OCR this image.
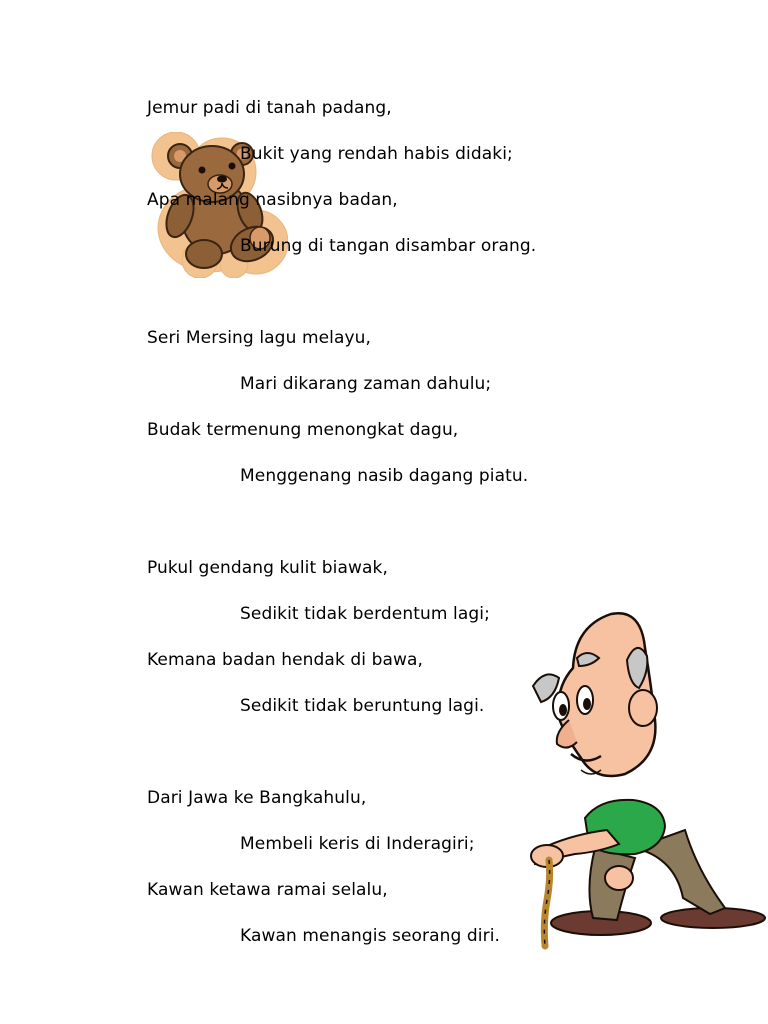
Jemur padi di tanah padang,
Bukit yang rendah habis didaki;
Apa malang nasibnya badan,
Burung di tangan disambar orang.
Seri Mersing lagu melayu,
Mari dikarang zaman dahulu;
Budak termenung menongkat dagu,
Menggenang nasib dagang piatu.
Pukul gendang kulit biawak,
Sedikit tidak berdentum lagi;
Kemana badan hendak di bawa,
Sedikit tidak beruntung lagi.
Dari Jawa ke Bangkahulu,
Membeli keris di Inderagiri;
Kawan ketawa ramai selalu,
Kawan menangis seorang diri.
